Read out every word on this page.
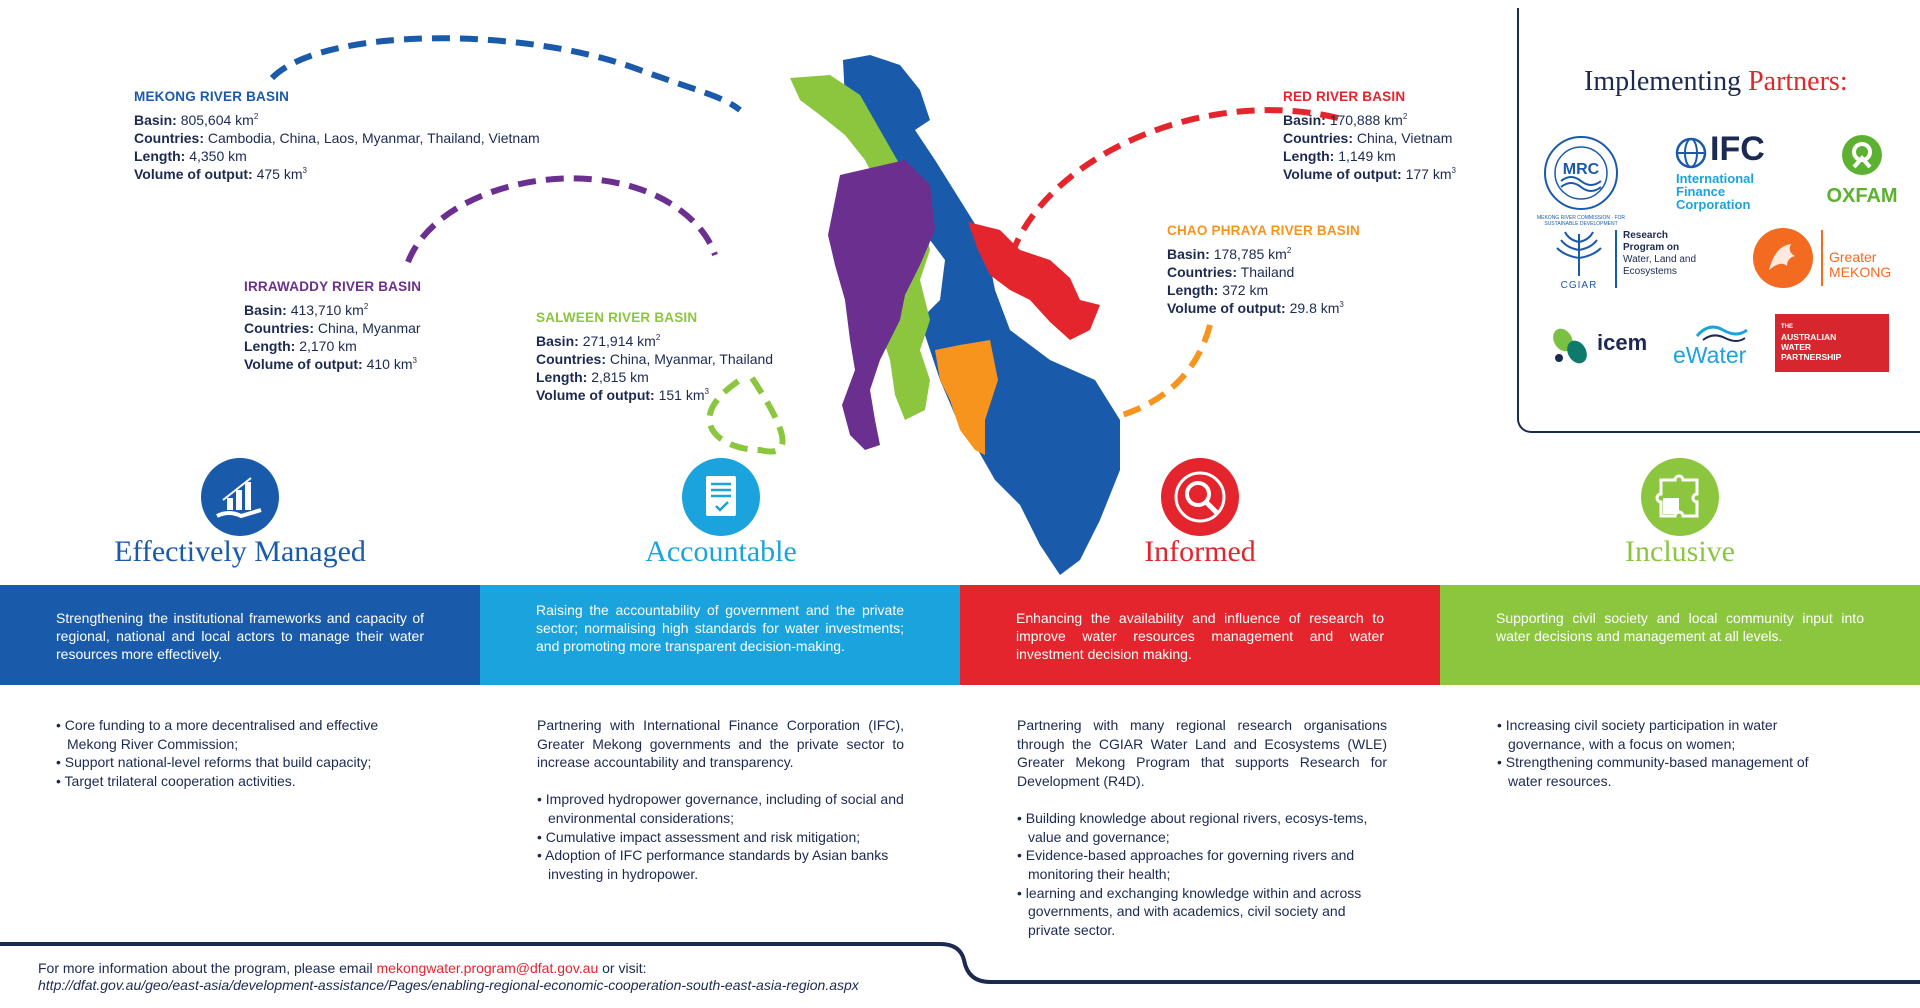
MEKONG RIVER BASIN
Basin: 805,604 $km^2$
Countries: Cambodia, China, Laos, Myanmar, Thailand, Vietnam
Length: 4,350 km
Volume of output: 475 $km^3$
IRRAWADDY RIVER BASIN
Basin: 413,710 $km^2$
Countries: China, Myanmar
Length: 2,170 km
Volume of output: 410 $km^3$
SALWEEN RIVER BASIN
Basin: 271,914 $km^2$
Countries: China, Myanmar, Thailand
Length: 2,815 km
Volume of output: 151 $km^3$
RED RIVER BASIN
Basin: 170,888 $km^2$
Countries: China, Vietnam
Length: 1,149 km
Volume of output: 177 $km^3$
CHAO PHRAYA RIVER BASIN
Basin: 178,785 $km^2$
Countries: Thailand
Length: 372 km
Volume of output: 29.8 $km^3$
Implementing Partners:
MRC
MEKONG RIVER COMMISSION · FOR SUSTAINABLE DEVELOPMENT
IFC
International
Finance
Corporation	OXFAM
CGIAR
Research
Program on
Water, Land and
Ecosystems
Greater
MEKONG
icem eWater
THE
AUSTRALIAN
WATER
PARTNERSHIP
Effectively Managed	Accountable	Informed	Inclusive
Strengthening the institutional frameworks and capacity of regional, national and local actors to manage their water resources more effectively.
Raising the accountability of government and the private sector; normalising high standards for water investments; and promoting more transparent decision-making.
Enhancing the availability and influence of research to improve water resources management and water investment decision making.
Supporting civil society and local community input into water decisions and management at all levels.
• Core funding to a more decentralised and effective Mekong River Commission;
• Support national-level reforms that build capacity;
• Target trilateral cooperation activities.

Partnering with International Finance Corporation (IFC), Greater Mekong governments and the private sector to increase accountability and transparency.

• Improved hydropower governance, including of social and environmental considerations;
• Cumulative impact assessment and risk mitigation;
• Adoption of IFC performance standards by Asian banks investing in hydropower.

Partnering with many regional research organisations through the CGIAR Water Land and Ecosystems (WLE) Greater Mekong Program that supports Research for Development (R4D).

• Building knowledge about regional rivers, ecosys-tems, value and governance;
• Evidence-based approaches for governing rivers and monitoring their health;
• learning and exchanging knowledge within and across governments, and with academics, civil society and private sector.
• Increasing civil society participation in water governance, with a focus on women;
• Strengthening community-based management of water resources.
For more information about the program, please email mekongwater.program@dfat.gov.au or visit:
http://dfat.gov.au/geo/east-asia/development-assistance/Pages/enabling-regional-economic-cooperation-south-east-asia-region.aspx
